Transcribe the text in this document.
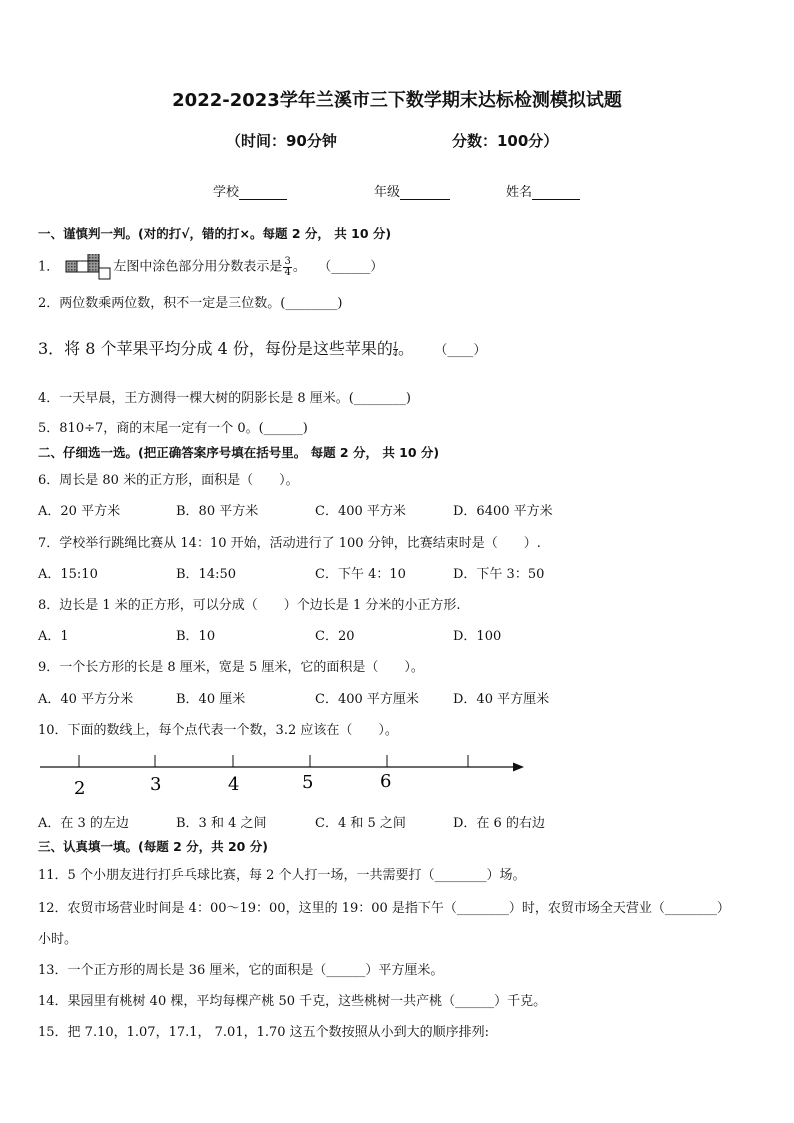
2022-2023学年兰溪市三下数学期末达标检测模拟试题
（时间：90分钟	分数：100分）
学校	年级	姓名
一、谨慎判一判。(对的打√，错的打×。每题 2 分， 共 10 分)
1．	左图中涂色部分用分数表示是 $\frac{3}{4}$ 。 （______）
2．两位数乘两位数，积不一定是三位数。(________)
3．将 8 个苹果平均分成 4 份，每份是这些苹果的 $\frac{1}{4}$ 。 （____）
4．一天早晨，王方测得一棵大树的阴影长是 8 厘米。(________)
5．810÷7，商的末尾一定有一个 0。(______)
二、仔细选一选。(把正确答案序号填在括号里。 每题 2 分， 共 10 分)
6．周长是 80 米的正方形，面积是（　　）。
A．20 平方米	B．80 平方米	C．400 平方米	D．6400 平方米
7．学校举行跳绳比赛从 14：10 开始，活动进行了 100 分钟，比赛结束时是（　　）.
A．15:10	B．14:50	C．下午 4：10	D．下午 3：50
8．边长是 1 米的正方形，可以分成（　　）个边长是 1 分米的小正方形.
A．1	B．10	C．20	D．100
9．一个长方形的长是 8 厘米，宽是 5 厘米，它的面积是（　　）。
A．40 平方分米	B．40 厘米	C．400 平方厘米	D．40 平方厘米
10．下面的数线上，每个点代表一个数，3.2 应该在（　　）。
2	3	4	5	6
A．在 3 的左边	B．3 和 4 之间	C．4 和 5 之间	D．在 6 的右边
三、认真填一填。(每题 2 分，共 20 分)
11．5 个小朋友进行打乒乓球比赛，每 2 个人打一场，一共需要打（________）场。
12．农贸市场营业时间是 4：00～19：00，这里的 19：00 是指下午（________）时，农贸市场全天营业（________）
小时。
13．一个正方形的周长是 36 厘米，它的面积是（______）平方厘米。
14．果园里有桃树 40 棵，平均每棵产桃 50 千克，这些桃树一共产桃（______）千克。
15．把 7.10，1.07，17.1， 7.01，1.70 这五个数按照从小到大的顺序排列:
